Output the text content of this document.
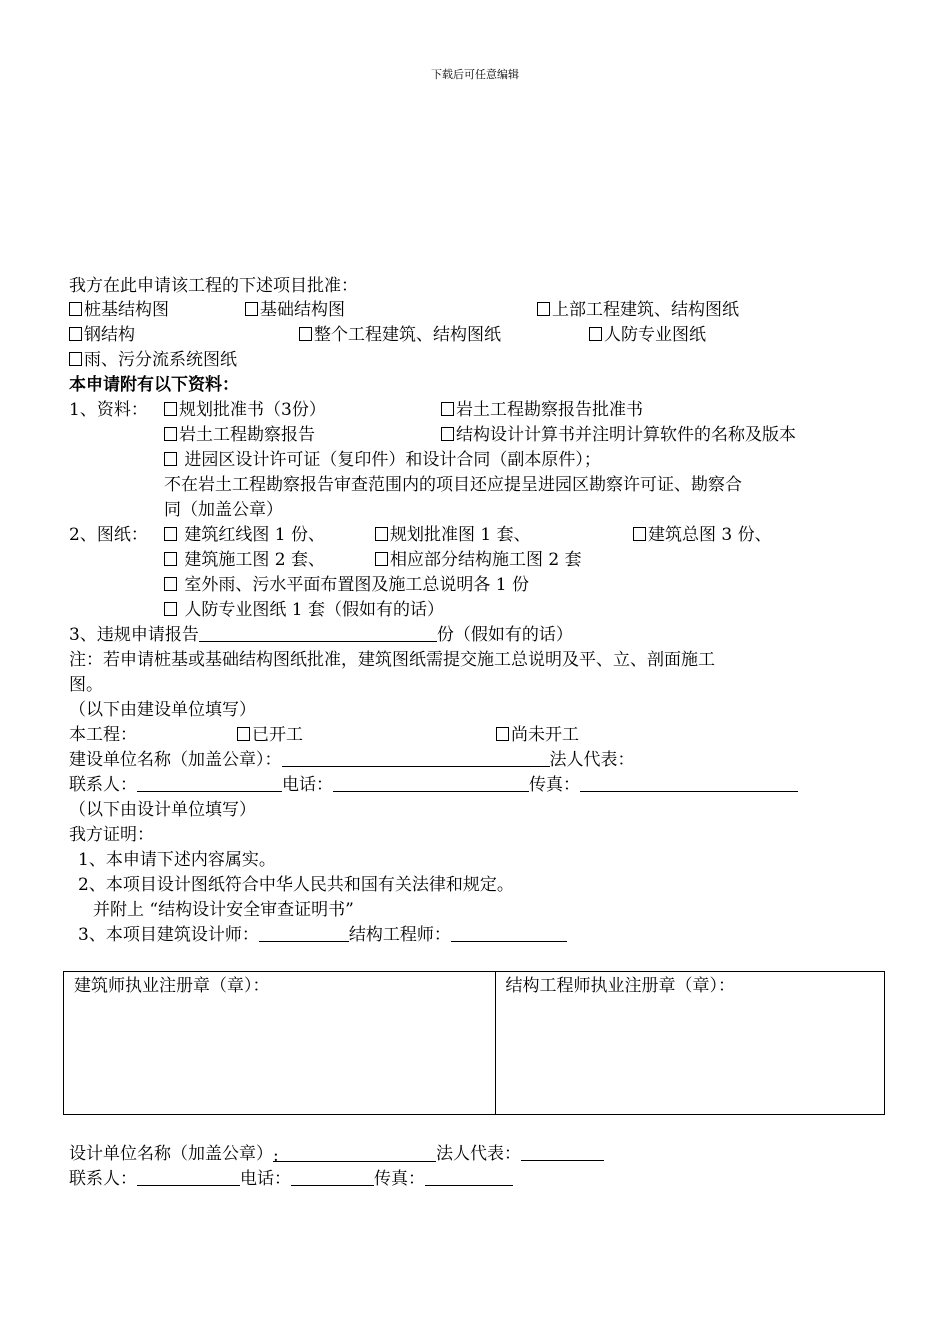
下载后可任意编辑
我方在此申请该工程的下述项目批准：
桩基结构图	基础结构图	上部工程建筑、结构图纸
钢结构	整个工程建筑、结构图纸	人防专业图纸
雨、污分流系统图纸
本申请附有以下资料：
1、资料：	规划批准书（3份）	岩土工程勘察报告批准书
岩土工程勘察报告	结构设计计算书并注明计算软件的名称及版本
进园区设计许可证（复印件）和设计合同（副本原件）；
不在岩土工程勘察报告审查范围内的项目还应提呈进园区勘察许可证、勘察合
同（加盖公章）
2、图纸：	建筑红线图 1 份、	规划批准图 1 套、	建筑总图 3 份、
建筑施工图 2 套、	相应部分结构施工图 2 套
室外雨、污水平面布置图及施工总说明各 1 份
人防专业图纸 1 套（假如有的话）
3、违规申请报告	份（假如有的话）
注：若申请桩基或基础结构图纸批准，建筑图纸需提交施工总说明及平、立、剖面施工
图。
（以下由建设单位填写）
本工程：	已开工	尚未开工
建设单位名称（加盖公章）：	法人代表：
联系人：	电话：	传真：
（以下由设计单位填写）
我方证明：
1、本申请下述内容属实。
2、本项目设计图纸符合中华人民共和国有关法律和规定。
并附上 “结构设计安全审查证明书”
3、本项目建筑设计师：	结构工程师：
建筑师执业注册章（章）：	结构工程师执业注册章（章）：
设计单位名称（加盖公章）:	法人代表：
联系人：	电话：	传真：
